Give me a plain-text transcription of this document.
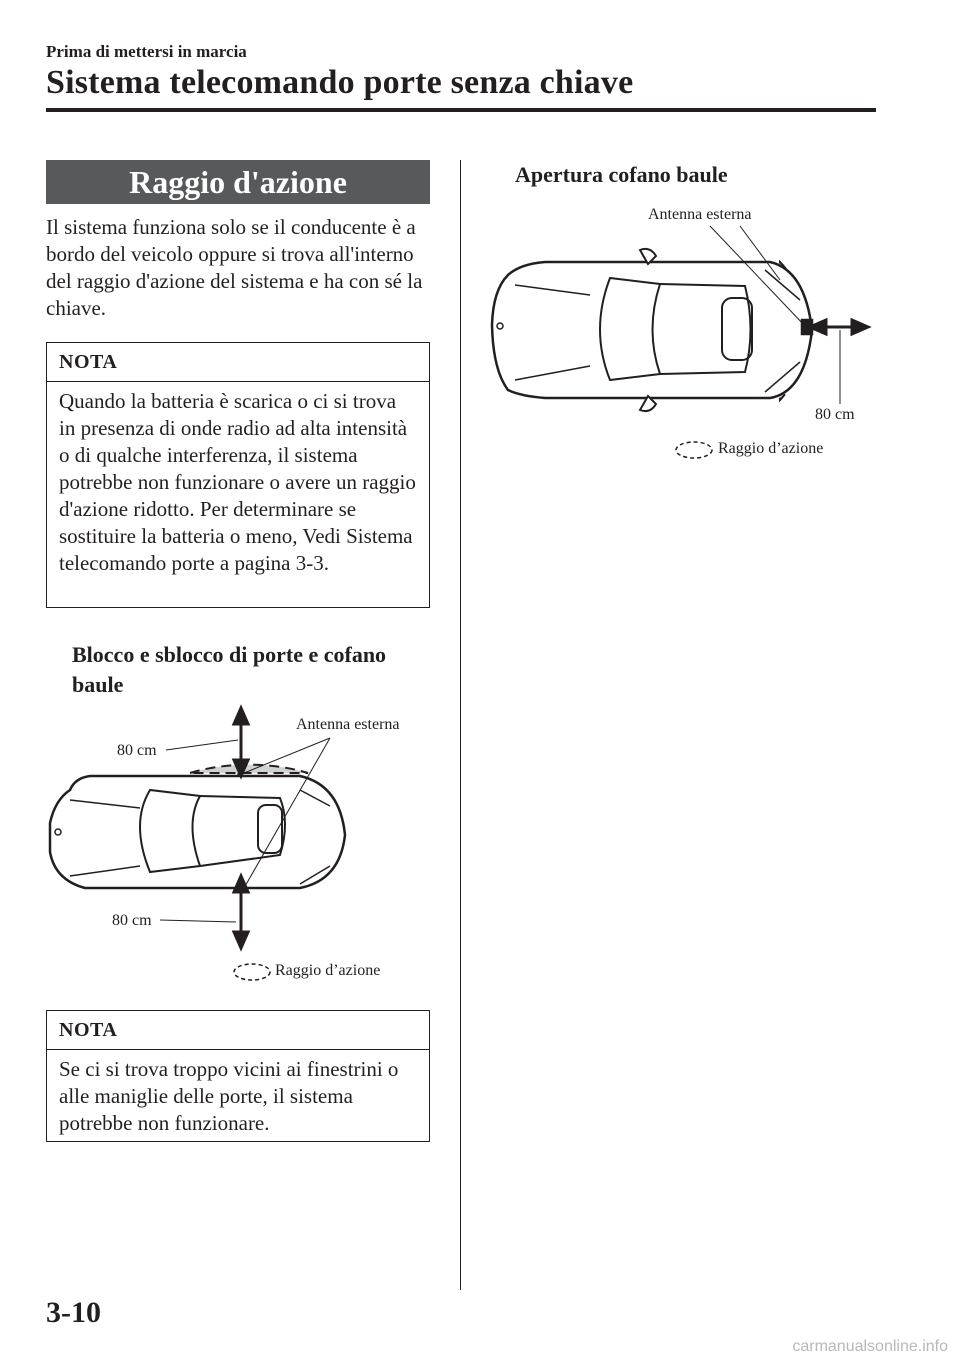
Prima di mettersi in marcia
Sistema telecomando porte senza chiave
Raggio d'azione
Il sistema funziona solo se il conducente è a bordo del veicolo oppure si trova all'interno del raggio d'azione del sistema e ha con sé la chiave.
NOTA
Quando la batteria è scarica o ci si trova in presenza di onde radio ad alta intensità o di qualche interferenza, il sistema potrebbe non funzionare o avere un raggio d'azione ridotto. Per determinare se sostituire la batteria o meno, Vedi Sistema telecomando porte a pagina 3-3.
Blocco e sblocco di porte e cofano baule
Antenna esterna
80 cm
80 cm
Raggio d’azione
NOTA
Se ci si trova troppo vicini ai finestrini o alle maniglie delle porte, il sistema potrebbe non funzionare.
Apertura cofano baule
Antenna esterna
80 cm
Raggio d’azione
3-10
carmanualsonline.info
